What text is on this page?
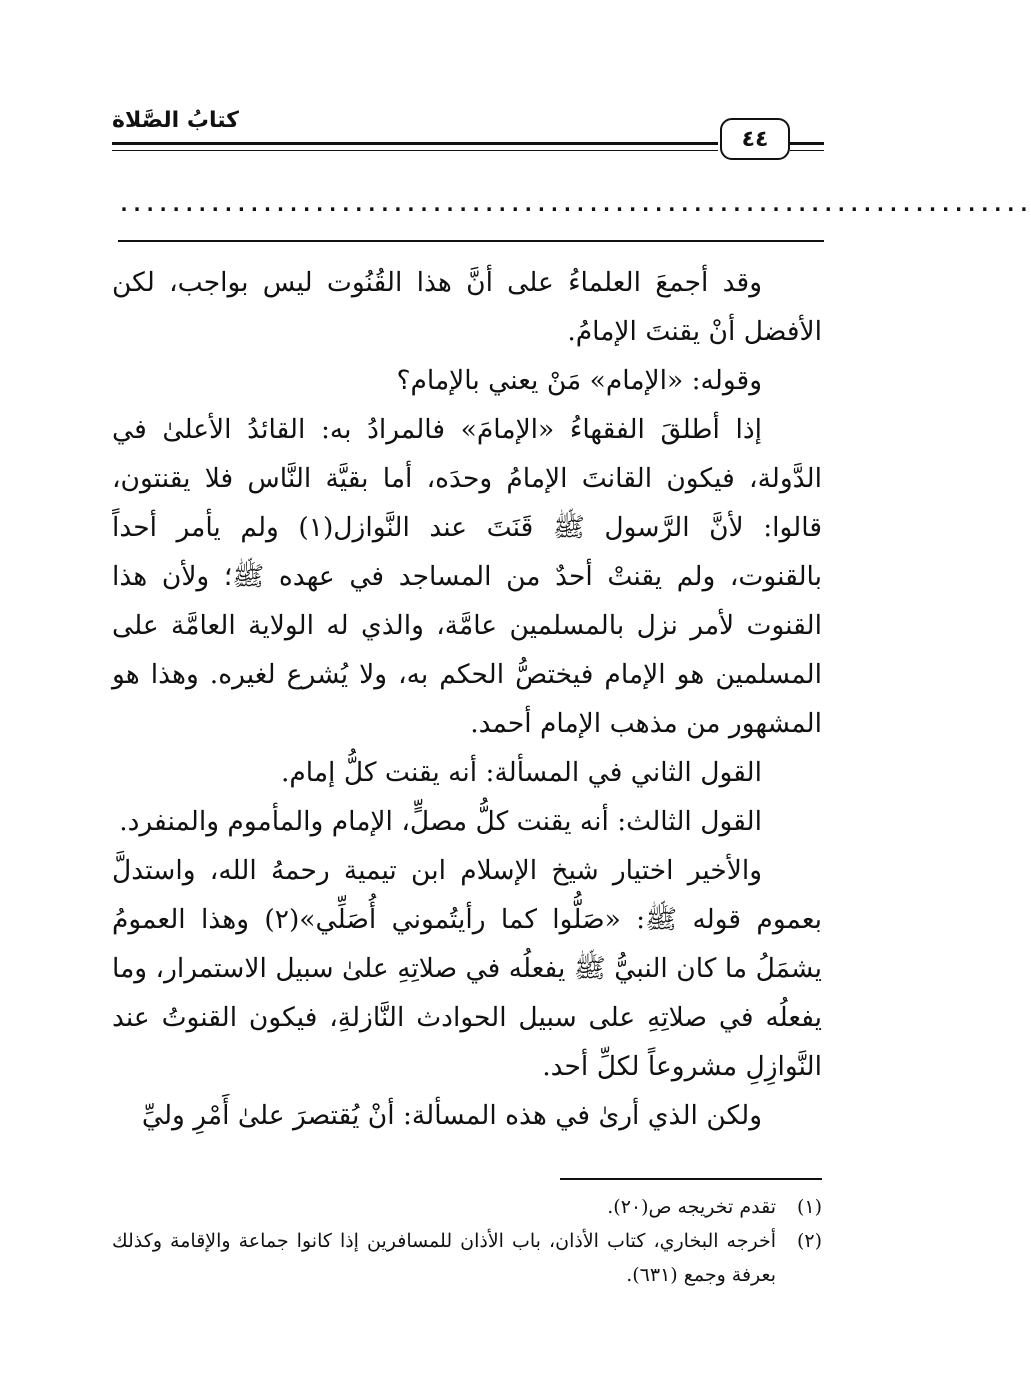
كتابُ الصَّلاة
٤٤
......................................................................

وقد أجمعَ العلماءُ على أنَّ هذا القُنُوت ليس بواجب، لكن الأفضل أنْ يقنتَ الإمامُ.

وقوله: «الإمام» مَنْ يعني بالإمام؟

إذا أطلقَ الفقهاءُ «الإمامَ» فالمرادُ به: القائدُ الأعلىٰ في الدَّولة، فيكون القانتَ الإمامُ وحدَه، أما بقيَّة النَّاس فلا يقنتون، قالوا: لأنَّ الرَّسول ﷺ قَنَتَ عند النَّوازل(١) ولم يأمر أحداً بالقنوت، ولم يقنتْ أحدٌ من المساجد في عهده ﷺ؛ ولأن هذا القنوت لأمر نزل بالمسلمين عامَّة، والذي له الولاية العامَّة على المسلمين هو الإمام فيختصُّ الحكم به، ولا يُشرع لغيره. وهذا هو المشهور من مذهب الإمام أحمد.

القول الثاني في المسألة: أنه يقنت كلُّ إمام.

القول الثالث: أنه يقنت كلُّ مصلٍّ، الإمام والمأموم والمنفرد.

والأخير اختيار شيخ الإسلام ابن تيمية رحمهُ الله، واستدلَّ بعموم قوله ﷺ: «صَلُّوا كما رأيتُموني أُصَلِّي»(٢) وهذا العمومُ يشمَلُ ما كان النبيُّ ﷺ يفعلُه في صلاتِهِ علىٰ سبيل الاستمرار، وما يفعلُه في صلاتِهِ على سبيل الحوادث النَّازلةِ، فيكون القنوتُ عند النَّوازِلِ مشروعاً لكلِّ أحد.

ولكن الذي أرىٰ في هذه المسألة: أنْ يُقتصرَ علىٰ أَمْرِ وليِّ

(١)
تقدم تخريجه ص(٢٠).
(٢)
أخرجه البخاري، كتاب الأذان، باب الأذان للمسافرين إذا كانوا جماعة والإقامة وكذلك بعرفة وجمع (٦٣١).
